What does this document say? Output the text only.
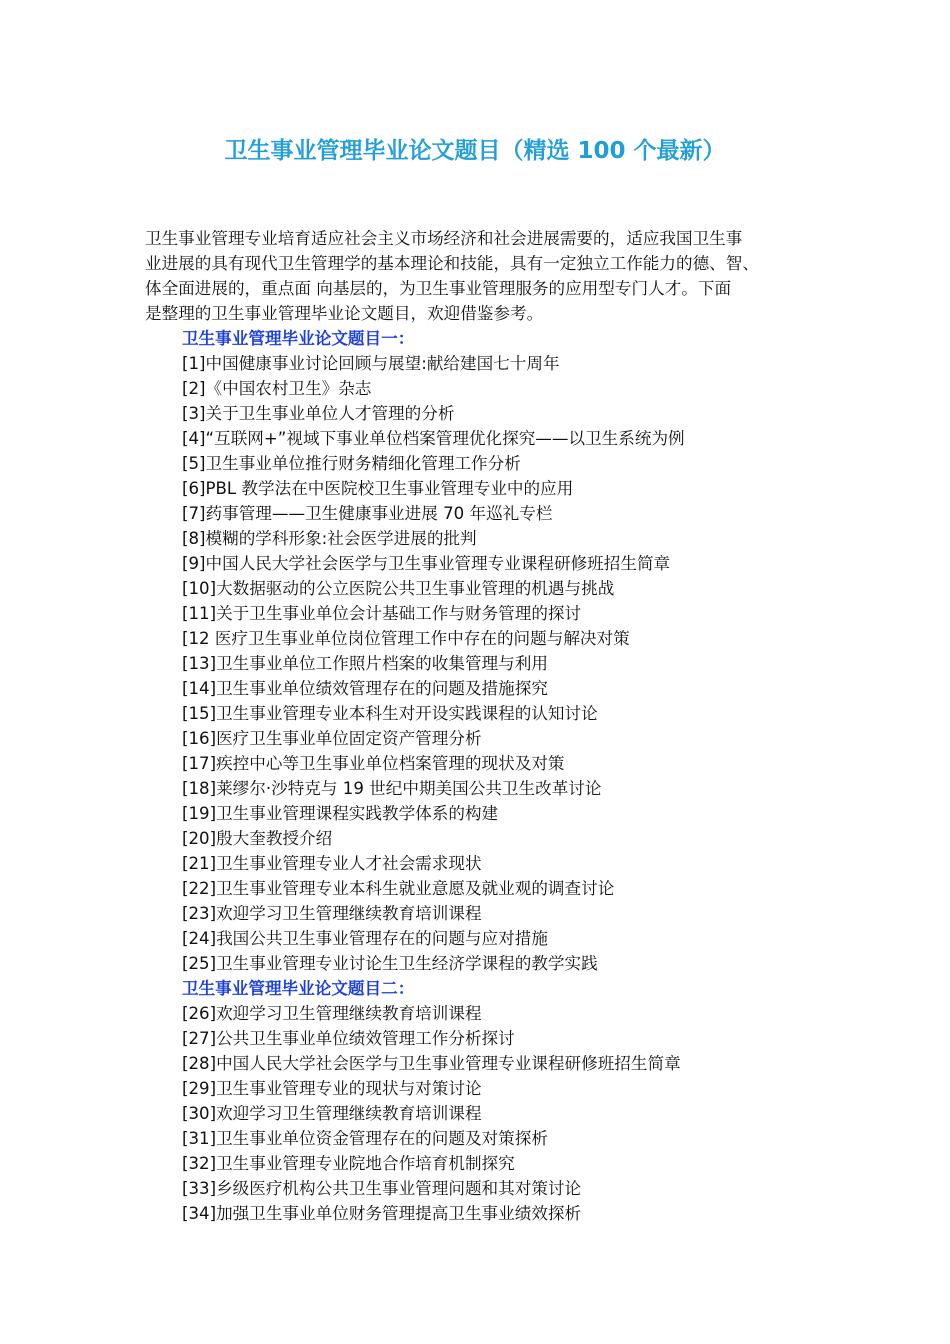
卫生事业管理毕业论文题目（精选 100 个最新）

卫生事业管理专业培育适应社会主义市场经济和社会进展需要的，适应我国卫生事

业进展的具有现代卫生管理学的基本理论和技能，具有一定独立工作能力的德、智、

体全面进展的，重点面 向基层的，为卫生事业管理服务的应用型专门人才。下面

是整理的卫生事业管理毕业论文题目，欢迎借鉴参考。

卫生事业管理毕业论文题目一：
[1]中国健康事业讨论回顾与展望:献给建国七十周年
[2]《中国农村卫生》杂志
[3]关于卫生事业单位人才管理的分析
[4]“互联网+”视域下事业单位档案管理优化探究——以卫生系统为例
[5]卫生事业单位推行财务精细化管理工作分析
[6]PBL 教学法在中医院校卫生事业管理专业中的应用
[7]药事管理——卫生健康事业进展 70 年巡礼专栏
[8]模糊的学科形象:社会医学进展的批判
[9]中国人民大学社会医学与卫生事业管理专业课程研修班招生简章
[10]大数据驱动的公立医院公共卫生事业管理的机遇与挑战
[11]关于卫生事业单位会计基础工作与财务管理的探讨
[12 医疗卫生事业单位岗位管理工作中存在的问题与解决对策
[13]卫生事业单位工作照片档案的收集管理与利用
[14]卫生事业单位绩效管理存在的问题及措施探究
[15]卫生事业管理专业本科生对开设实践课程的认知讨论
[16]医疗卫生事业单位固定资产管理分析
[17]疾控中心等卫生事业单位档案管理的现状及对策
[18]莱缪尔·沙特克与 19 世纪中期美国公共卫生改革讨论
[19]卫生事业管理课程实践教学体系的构建
[20]殷大奎教授介绍
[21]卫生事业管理专业人才社会需求现状
[22]卫生事业管理专业本科生就业意愿及就业观的调查讨论
[23]欢迎学习卫生管理继续教育培训课程
[24]我国公共卫生事业管理存在的问题与应对措施
[25]卫生事业管理专业讨论生卫生经济学课程的教学实践
卫生事业管理毕业论文题目二：
[26]欢迎学习卫生管理继续教育培训课程
[27]公共卫生事业单位绩效管理工作分析探讨
[28]中国人民大学社会医学与卫生事业管理专业课程研修班招生简章
[29]卫生事业管理专业的现状与对策讨论
[30]欢迎学习卫生管理继续教育培训课程
[31]卫生事业单位资金管理存在的问题及对策探析
[32]卫生事业管理专业院地合作培育机制探究
[33]乡级医疗机构公共卫生事业管理问题和其对策讨论
[34]加强卫生事业单位财务管理提高卫生事业绩效探析
